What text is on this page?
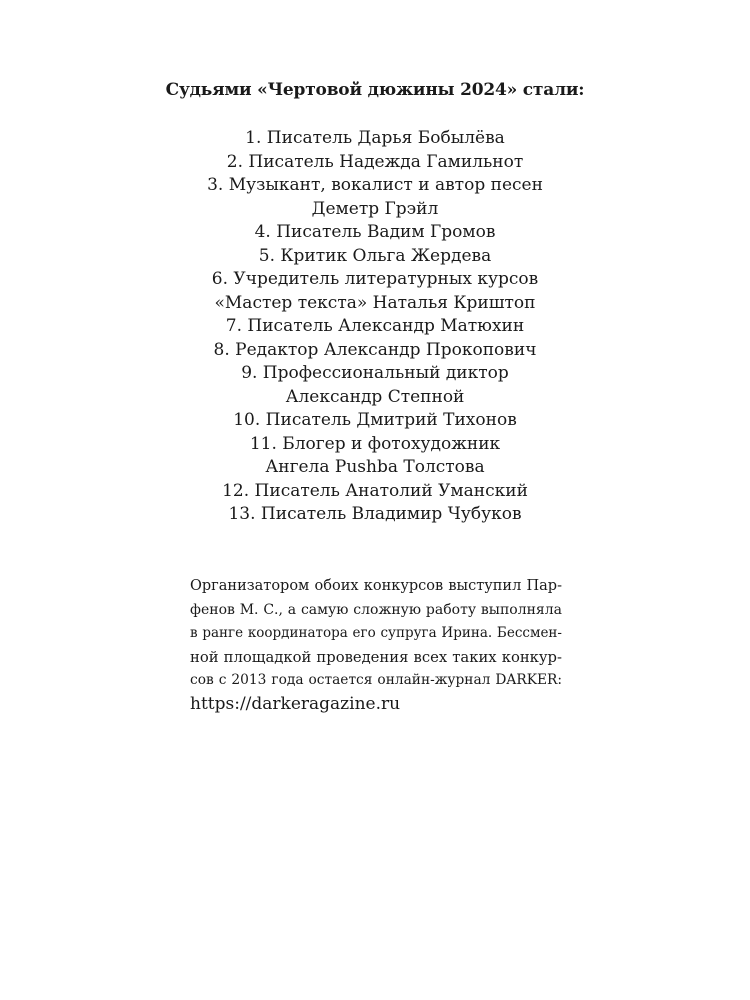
Судьями «Чертовой дюжины 2024» стали:
1. Писатель Дарья Бобылёва
2. Писатель Надежда Гамильнот
3. Музыкант, вокалист и автор песен
Деметр Грэйл
4. Писатель Вадим Громов
5. Критик Ольга Жердева
6. Учредитель литературных курсов
«Мастер текста» Наталья Криштоп
7. Писатель Александр Матюхин
8. Редактор Александр Прокопович
9. Профессиональный диктор
Александр Степной
10. Писатель Дмитрий Тихонов
11. Блогер и фотохудожник
Ангела Pushba Толстова
12. Писатель Анатолий Уманский
13. Писатель Владимир Чубуков
Организатором обоих конкурсов выступил Пар-
фенов М. С., а самую сложную работу выполняла
в ранге координатора его супруга Ирина. Бессмен-
ной площадкой проведения всех таких конкур-
сов с 2013 года остается онлайн-журнал DARKER:
https://darkeragazine.ru
